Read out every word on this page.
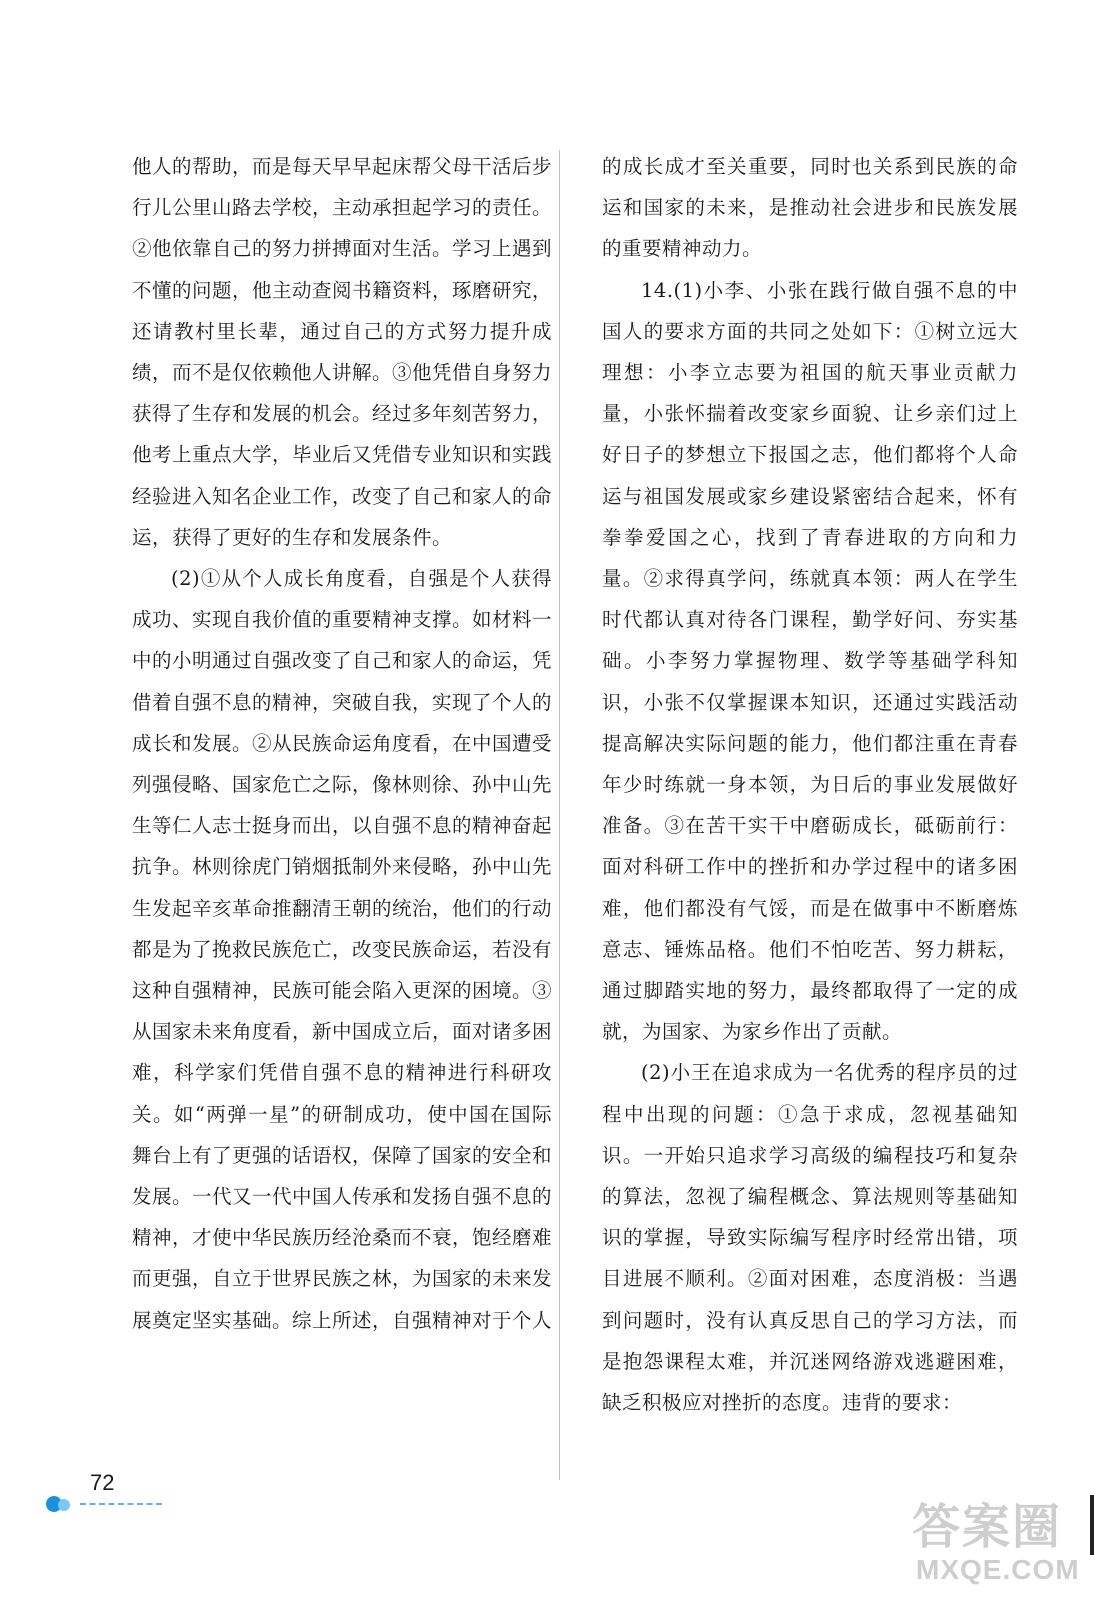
他人的帮助，而是每天早早起床帮父母干活后步行儿公里山路去学校，主动承担起学习的责任。②他依靠自己的努力拼搏面对生活。学习上遇到不懂的问题，他主动查阅书籍资料，琢磨研究，还请教村里长辈，通过自己的方式努力提升成绩，而不是仅依赖他人讲解。③他凭借自身努力获得了生存和发展的机会。经过多年刻苦努力，他考上重点大学，毕业后又凭借专业知识和实践经验进入知名企业工作，改变了自己和家人的命运，获得了更好的生存和发展条件。

(2)①从个人成长角度看，自强是个人获得成功、实现自我价值的重要精神支撑。如材料一中的小明通过自强改变了自己和家人的命运，凭借着自强不息的精神，突破自我，实现了个人的成长和发展。②从民族命运角度看，在中国遭受列强侵略、国家危亡之际，像林则徐、孙中山先生等仁人志士挺身而出，以自强不息的精神奋起抗争。林则徐虎门销烟抵制外来侵略，孙中山先生发起辛亥革命推翻清王朝的统治，他们的行动都是为了挽救民族危亡，改变民族命运，若没有这种自强精神，民族可能会陷入更深的困境。③从国家未来角度看，新中国成立后，面对诸多困难，科学家们凭借自强不息的精神进行科研攻关。如“两弹一星”的研制成功，使中国在国际舞台上有了更强的话语权，保障了国家的安全和发展。一代又一代中国人传承和发扬自强不息的精神，才使中华民族历经沧桑而不衰，饱经磨难而更强，自立于世界民族之林，为国家的未来发展奠定坚实基础。综上所述，自强精神对于个人

的成长成才至关重要，同时也关系到民族的命运和国家的未来，是推动社会进步和民族发展的重要精神动力。

14.(1)小李、小张在践行做自强不息的中国人的要求方面的共同之处如下：①树立远大理想：小李立志要为祖国的航天事业贡献力量，小张怀揣着改变家乡面貌、让乡亲们过上好日子的梦想立下报国之志，他们都将个人命运与祖国发展或家乡建设紧密结合起来，怀有拳拳爱国之心，找到了青春进取的方向和力量。②求得真学问，练就真本领：两人在学生时代都认真对待各门课程，勤学好问、夯实基础。小李努力掌握物理、数学等基础学科知识，小张不仅掌握课本知识，还通过实践活动提高解决实际问题的能力，他们都注重在青春年少时练就一身本领，为日后的事业发展做好准备。③在苦干实干中磨砺成长，砥砺前行：面对科研工作中的挫折和办学过程中的诸多困难，他们都没有气馁，而是在做事中不断磨炼意志、锤炼品格。他们不怕吃苦、努力耕耘，通过脚踏实地的努力，最终都取得了一定的成就，为国家、为家乡作出了贡献。

(2)小王在追求成为一名优秀的程序员的过程中出现的问题：①急于求成，忽视基础知识。一开始只追求学习高级的编程技巧和复杂的算法，忽视了编程概念、算法规则等基础知识的掌握，导致实际编写程序时经常出错，项目进展不顺利。②面对困难，态度消极：当遇到问题时，没有认真反思自己的学习方法，而是抱怨课程太难，并沉迷网络游戏逃避困难，缺乏积极应对挫折的态度。违背的要求：

72
答案圈
MXQE.COM
